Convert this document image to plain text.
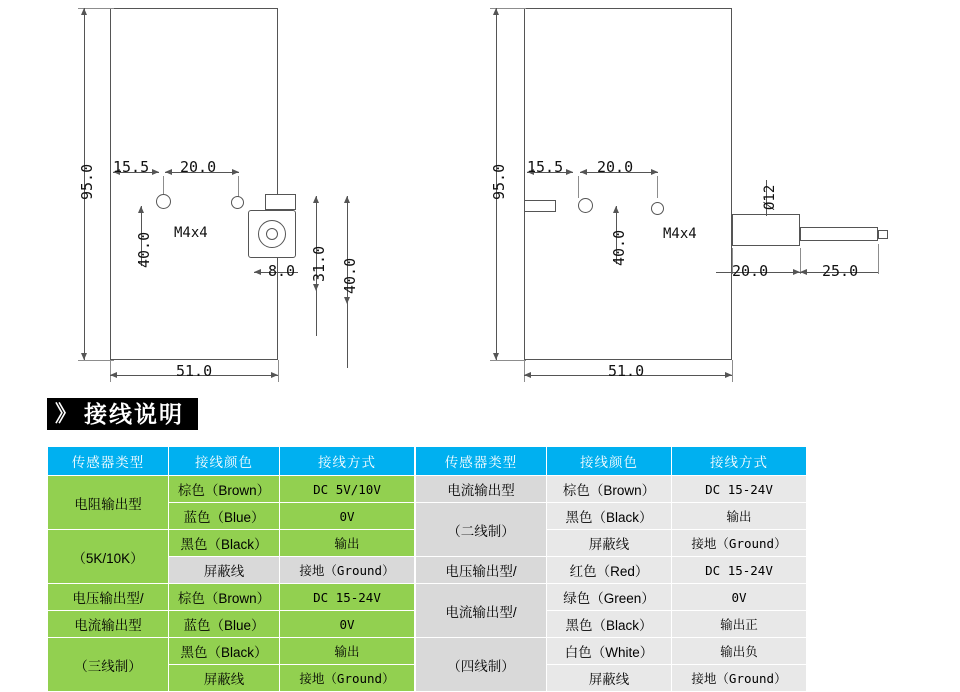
95.0
51.0
40.0
31.0
40.0
15.5 20.0
M4x4
8.0
95.0
51.0
15.5 20.0
40.0	M4x4
Ø12
20.0	25.0
》 接线说明
传感器类型	接线颜色	接线方式
电阻输出型	棕色（Brown）	DC 5V/10V
	蓝色（Blue）	0V
（5K/10K）	黑色（Black）	输出
	屏蔽线	接地（Ground）
电压输出型/	棕色（Brown）	DC 15-24V
电流输出型	蓝色（Blue）	0V
（三线制）	黑色（Black）	输出
	屏蔽线	接地（Ground）
传感器类型	接线颜色	接线方式
电流输出型	棕色（Brown）	DC 15-24V
（二线制）	黑色（Black）	输出
	屏蔽线	接地（Ground）
电压输出型/	红色（Red）	DC 15-24V
电流输出型/	绿色（Green）	0V
	黑色（Black）	输出正
（四线制）	白色（White）	输出负
	屏蔽线	接地（Ground）
